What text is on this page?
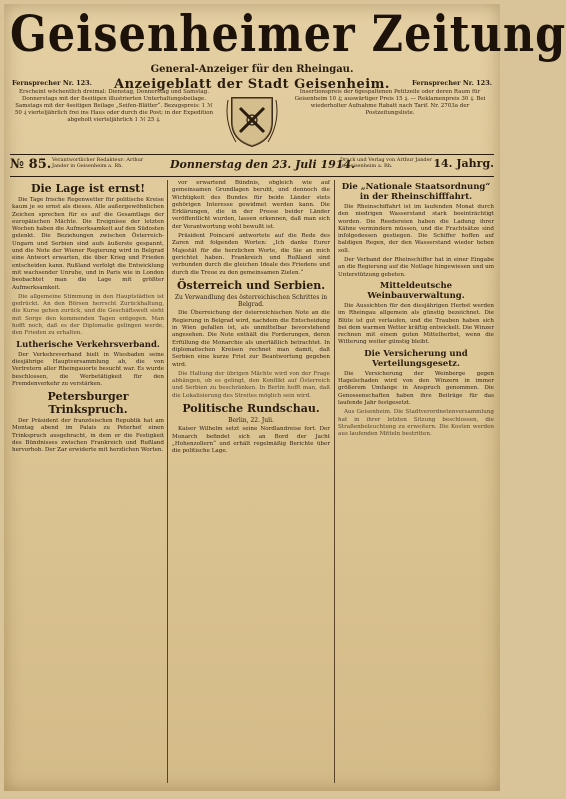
Geisenheimer Zeitung
General-Anzeiger für den Rheingau.
Anzeigeblatt der Stadt Geisenheim.
Fernsprecher Nr. 123.	Fernsprecher Nr. 123.
Erscheint wöchentlich dreimal: Dienstag, Donnerstag und Samstag. Donnerstags mit der 8seitigen illustrierten Unterhaltungsbeilage. Samstags mit der 4seitigen Beilage „Seifen-Blätter“. Bezugspreis: 1 ℳ 50 ₰ vierteljährlich frei ins Haus oder durch die Post; in der Expedition abgeholt vierteljährlich 1 ℳ 25 ₰.
Insertionspreis der 6gespaltenen Petitzeile oder deren Raum für Geisenheim 10 ₰; auswärtiger Preis 15 ₰. — Reklamenpreis 30 ₰. Bei wiederholter Aufnahme Rabatt nach Tarif. Nr. 2703a der Postzeitungsliste.
№ 85. Verantwortlicher Redakteur: Arthur Jander in Geisenheim a. Rh.	Donnerstag den 23. Juli 1914.
Druck und Verlag von Arthur Jander in Geisenheim a. Rh.	14. Jahrg.
Die Lage ist ernst!

Die Tage frische Regenwetter für politische Kreise kaum je so ernst als dieses. Alle außergewöhnlichen Zeichen sprechen für es auf die Gesamtlage der europäischen Mächte. Die Ereignisse der letzten Wochen haben die Aufmerksamkeit auf den Südosten gelenkt. Die Beziehungen zwischen Österreich-Ungarn und Serbien sind aufs äußerste gespannt, und die Note der Wiener Regierung wird in Belgrad eine Antwort erwarten, die über Krieg und Frieden entscheiden kann. Rußland verfolgt die Entwicklung mit wachsender Unruhe, und in Paris wie in London beobachtet man die Lage mit größter Aufmerksamkeit.

Die allgemeine Stimmung in den Hauptstädten ist gedrückt. An den Börsen herrscht Zurückhaltung, die Kurse gehen zurück, und die Geschäftswelt sieht mit Sorge den kommenden Tagen entgegen. Man hofft noch, daß es der Diplomatie gelingen werde, den Frieden zu erhalten.

Lutherische Verkehrsverband.

Der Verkehrsverband hielt in Wiesbaden seine diesjährige Hauptversammlung ab, die von Vertretern aller Rheingauorte besucht war. Es wurde beschlossen, die Werbetätigkeit für den Fremdenverkehr zu verstärken.

Petersburger Trinkspruch.

Der Präsident der französischen Republik hat am Montag abend im Palais zu Peterhof einen Trinkspruch ausgebracht, in dem er die Festigkeit des Bündnisses zwischen Frankreich und Rußland hervorhob. Der Zar erwiderte mit herzlichen Worten.

vor erwartend Bündnis, obgleich wie auf gemeinsamen Grundlagen beruht, und dennoch die Wichtigkeit des Bundes für beide Länder stets gehörigen Interesse gewidmet werden kann. Die Erklärungen, die in der Presse beider Länder veröffentlicht wurden, lassen erkennen, daß man sich der Verantwortung wohl bewußt ist.

Präsident Poincaré antwortete auf die Rede des Zaren mit folgenden Worten: „Ich danke Eurer Majestät für die herzlichen Worte, die Sie an mich gerichtet haben. Frankreich und Rußland sind verbunden durch die gleichen Ideale des Friedens und durch die Treue zu den gemeinsamen Zielen.“

Österreich und Serbien.
Zu Verwandlung des österreichischen Schrittes in Belgrad.

Die Überreichung der österreichischen Note an die Regierung in Belgrad wird, nachdem die Entscheidung in Wien gefallen ist, als unmittelbar bevorstehend angesehen. Die Note enthält die Forderungen, deren Erfüllung die Monarchie als unerläßlich betrachtet. In diplomatischen Kreisen rechnet man damit, daß Serbien eine kurze Frist zur Beantwortung gegeben wird.

Die Haltung der übrigen Mächte wird von der Frage abhängen, ob es gelingt, den Konflikt auf Österreich und Serbien zu beschränken. In Berlin hofft man, daß die Lokalisierung des Streites möglich sein wird.

Politische Rundschau.
Berlin, 22. Juli.

Kaiser Wilhelm setzt seine Nordlandreise fort. Der Monarch befindet sich an Bord der Jacht „Hohenzollern“ und erhält regelmäßig Berichte über die politische Lage.

Die „Nationale Staatsordnung“ in der Rheinschifffahrt.

Die Rheinschiffahrt ist im laufenden Monat durch den niedrigen Wasserstand stark beeinträchtigt worden. Die Reedereien haben die Ladung ihrer Kähne vermindern müssen, und die Frachtsätze sind infolgedessen gestiegen. Die Schiffer hoffen auf baldigen Regen, der den Wasserstand wieder heben soll.

Der Verband der Rheinschiffer hat in einer Eingabe an die Regierung auf die Notlage hingewiesen und um Unterstützung gebeten.

Mitteldeutsche Weinbauverwaltung.

Die Aussichten für den diesjährigen Herbst werden im Rheingau allgemein als günstig bezeichnet. Die Blüte ist gut verlaufen, und die Trauben haben sich bei dem warmen Wetter kräftig entwickelt. Die Winzer rechnen mit einem guten Mittelherbst, wenn die Witterung weiter günstig bleibt.

Die Versicherung und Verteilungsgesetz.

Die Versicherung der Weinberge gegen Hagelschaden wird von den Winzern in immer größerem Umfange in Anspruch genommen. Die Genossenschaften haben ihre Beiträge für das laufende Jahr festgesetzt.

Aus Geisenheim. Die Stadtverordnetenversammlung hat in ihrer letzten Sitzung beschlossen, die Straßenbeleuchtung zu erweitern. Die Kosten werden aus laufenden Mitteln bestritten.
